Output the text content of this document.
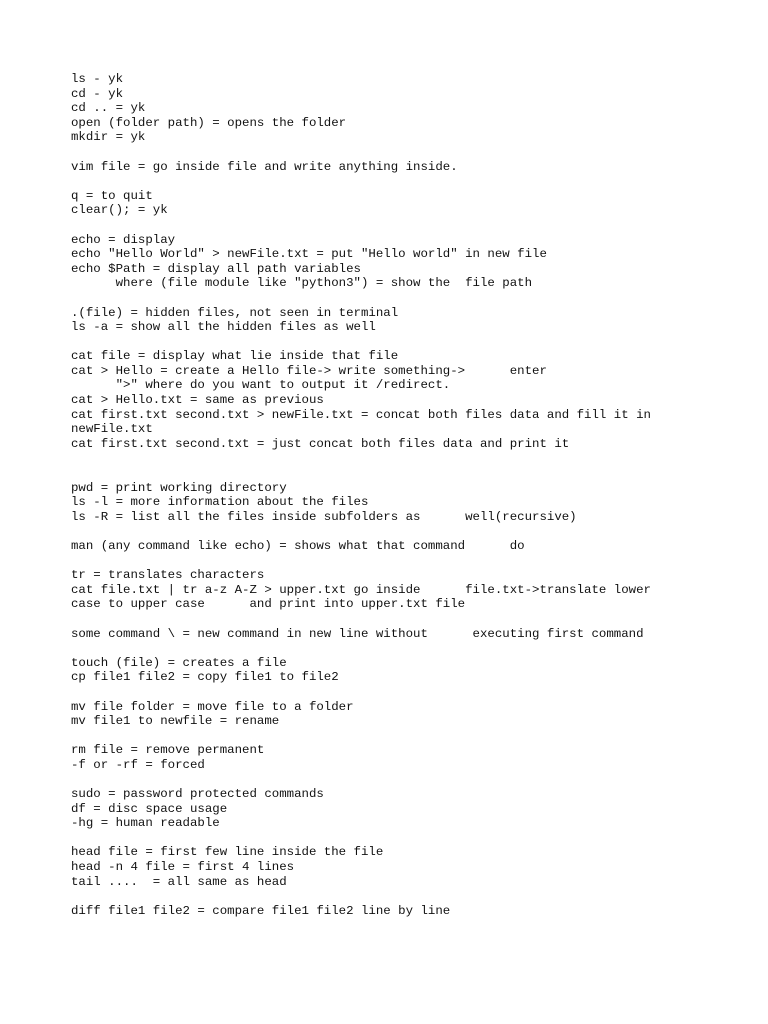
ls - yk
cd - yk
cd .. = yk
open (folder path) = opens the folder
mkdir = yk
vim file = go inside file and write anything inside.
q = to quit
clear(); = yk
echo = display
echo "Hello World" > newFile.txt = put "Hello world" in new file
echo $Path = display all path variables
where (file module like "python3") = show the  file path
.(file) = hidden files, not seen in terminal
ls -a = show all the hidden files as well
cat file = display what lie inside that file
cat > Hello = create a Hello file-> write something->      enter
">" where do you want to output it /redirect.
cat > Hello.txt = same as previous
cat first.txt second.txt > newFile.txt = concat both files data and fill it in
newFile.txt
cat first.txt second.txt = just concat both files data and print it
pwd = print working directory
ls -l = more information about the files
ls -R = list all the files inside subfolders as      well(recursive)
man (any command like echo) = shows what that command      do
tr = translates characters
cat file.txt | tr a-z A-Z > upper.txt go inside      file.txt->translate lower
case to upper case      and print into upper.txt file
some command \ = new command in new line without      executing first command
touch (file) = creates a file
cp file1 file2 = copy file1 to file2
mv file folder = move file to a folder
mv file1 to newfile = rename
rm file = remove permanent
-f or -rf = forced
sudo = password protected commands
df = disc space usage
-hg = human readable
head file = first few line inside the file
head -n 4 file = first 4 lines
tail ....  = all same as head
diff file1 file2 = compare file1 file2 line by line
